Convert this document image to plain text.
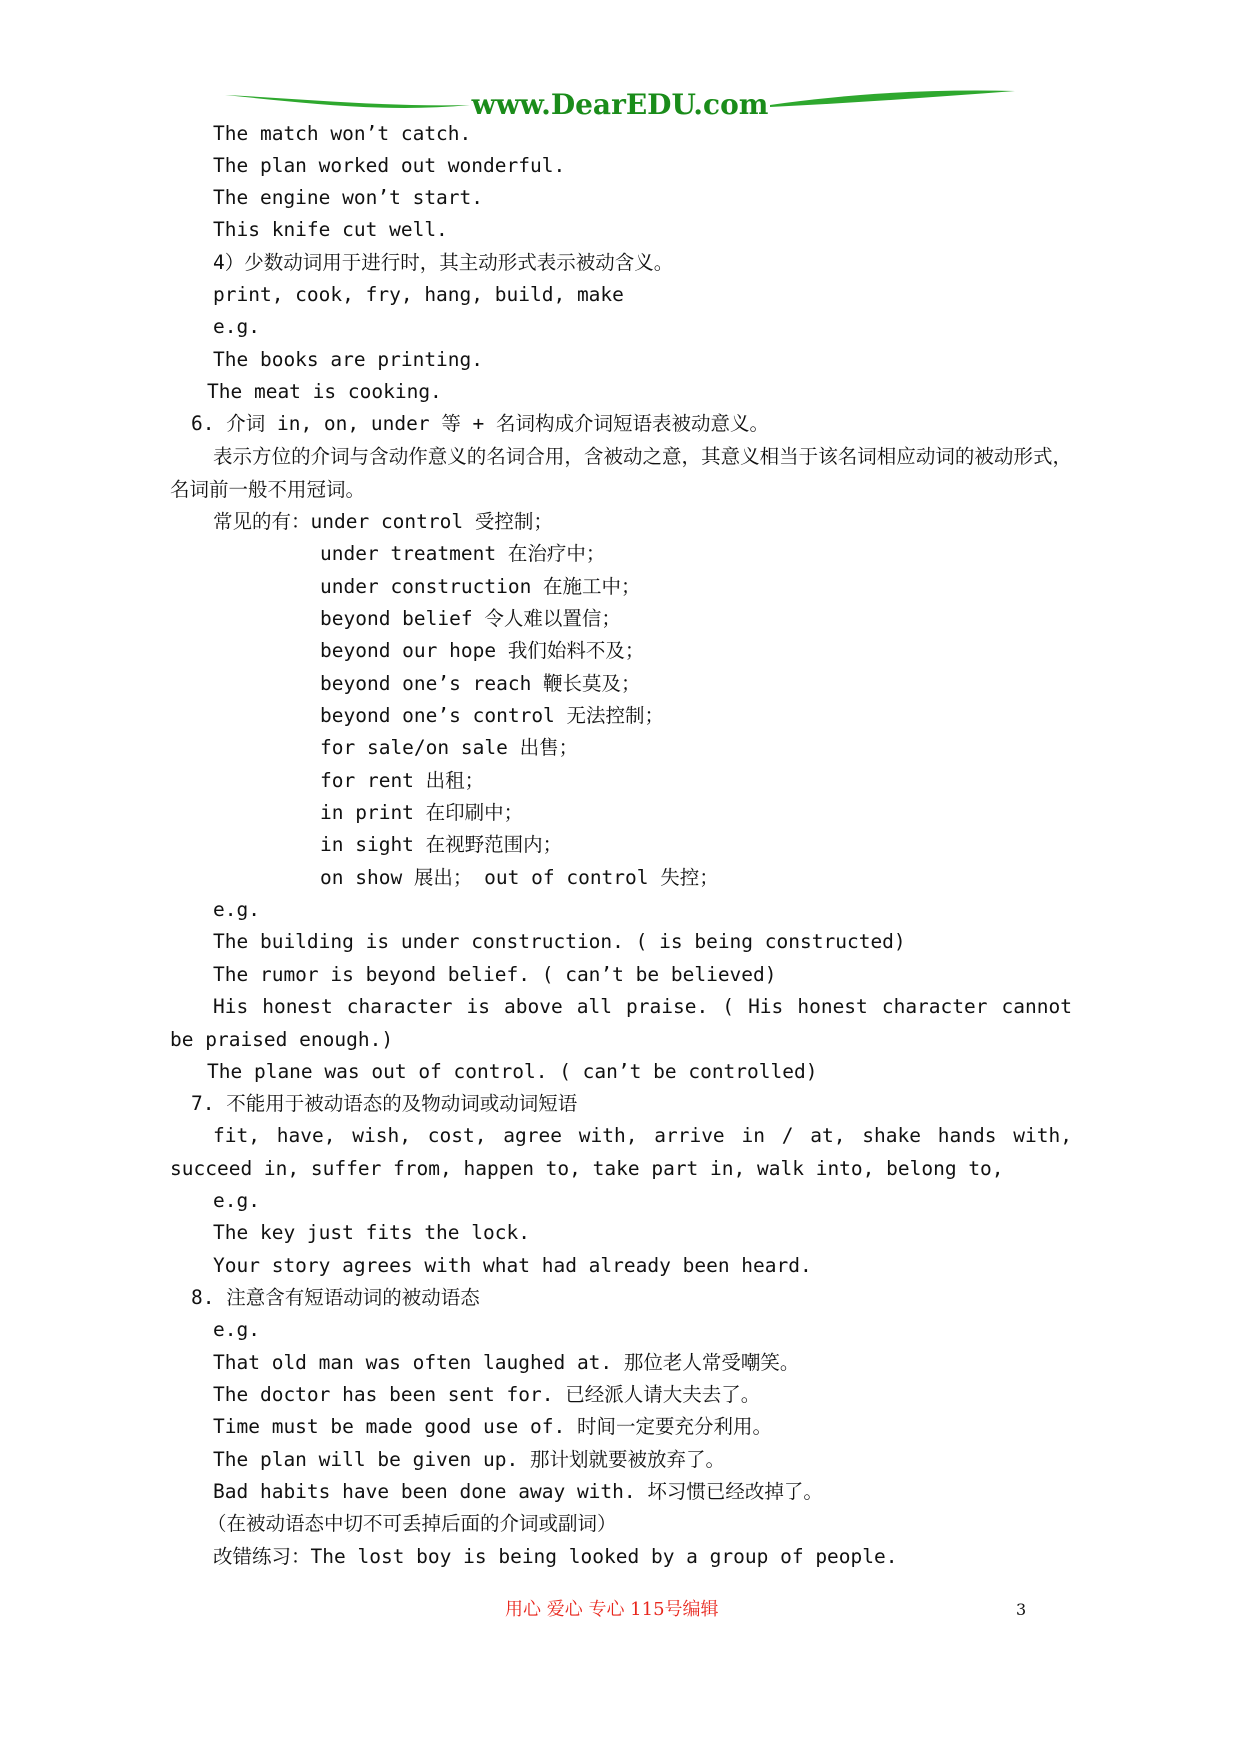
www.DearEDU.com
The match won’t catch.
The plan worked out wonderful.
The engine won’t start.
This knife cut well.
4）少数动词用于进行时，其主动形式表示被动含义。
print, cook, fry, hang, build, make
e.g.
The books are printing.
The meat is cooking.
6. 介词 in, on, under 等 + 名词构成介词短语表被动意义。
表示方位的介词与含动作意义的名词合用，含被动之意，其意义相当于该名词相应动词的被动形式，名词前一般不用冠词。
常见的有：under control 受控制；
under treatment 在治疗中；
under construction 在施工中；
beyond belief 令人难以置信；
beyond our hope 我们始料不及；
beyond one’s reach 鞭长莫及；
beyond one’s control 无法控制；
for sale/on sale 出售；
for rent 出租；
in print 在印刷中；
in sight 在视野范围内；
on show 展出； out of control 失控；
e.g.
The building is under construction. ( is being constructed)
The rumor is beyond belief. ( can’t be believed)
His honest character is above all praise. ( His honest character cannot be praised enough.)
The plane was out of control. ( can’t be controlled)
7. 不能用于被动语态的及物动词或动词短语
fit, have, wish, cost, agree with, arrive in / at, shake hands with, succeed in, suffer from, happen to, take part in, walk into, belong to,
e.g.
The key just fits the lock.
Your story agrees with what had already been heard.
8. 注意含有短语动词的被动语态
e.g.
That old man was often laughed at. 那位老人常受嘲笑。
The doctor has been sent for. 已经派人请大夫去了。
Time must be made good use of. 时间一定要充分利用。
The plan will be given up. 那计划就要被放弃了。
Bad habits have been done away with. 坏习惯已经改掉了。
（在被动语态中切不可丢掉后面的介词或副词）
改错练习：The lost boy is being looked by a group of people.
用心 爱心 专心 115号编辑	3
